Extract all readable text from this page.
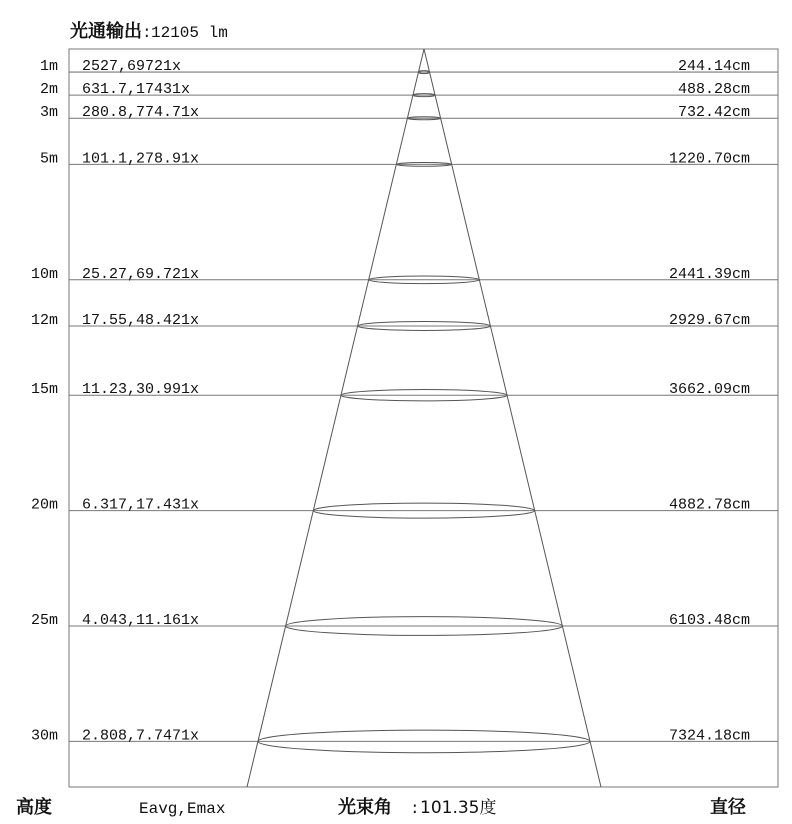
光通输出 : 12105 lm
1m 2527,69721x	244.14cm
2m 631.7,17431x	488.28cm
3m 280.8,774.71x	732.42cm
5m 101.1,278.91x	1220.70cm
10m 25.27,69.721x	2441.39cm
12m 17.55,48.421x	2929.67cm
15m 11.23,30.991x	3662.09cm
20m 6.317,17.431x	4882.78cm
25m 4.043,11.161x	6103.48cm
30m 2.808,7.7471x	7324.18cm
高度	Eavg,Emax	光束角 : 101.35度	直径
